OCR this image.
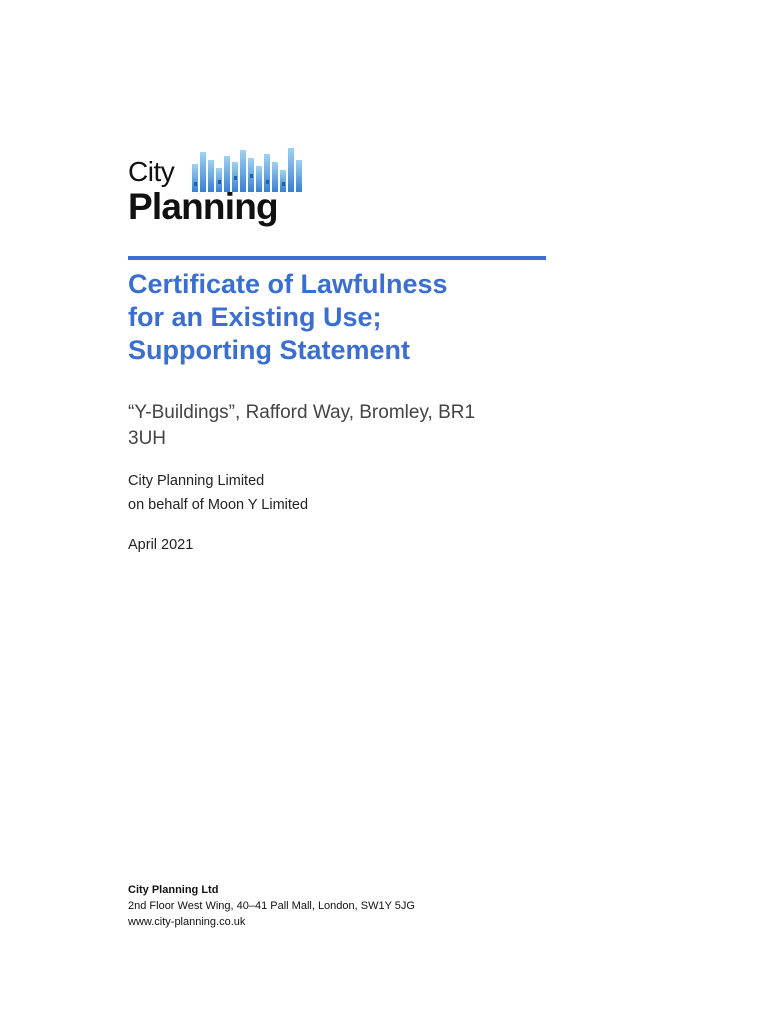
City
Planning
Certificate of Lawfulness
for an Existing Use;
Supporting Statement

“Y-Buildings”, Rafford Way, Bromley, BR1
3UH

City Planning Limited
on behalf of Moon Y Limited
April 2021
City Planning Ltd
2nd Floor West Wing, 40–41 Pall Mall, London, SW1Y 5JG
www.city-planning.co.uk
